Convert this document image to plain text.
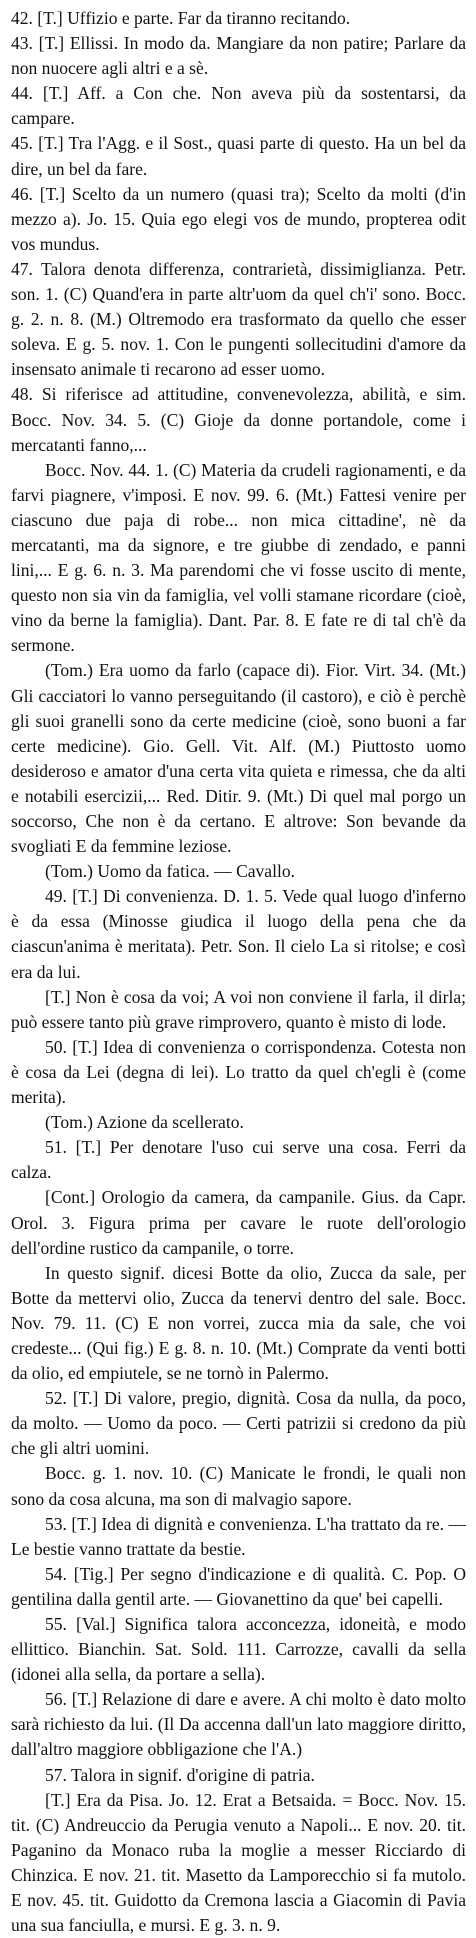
42. [T.] Uffizio e parte. Far da tiranno recitando.

43. [T.] Ellissi. In modo da. Mangiare da non patire; Parlare da non nuocere agli altri e a sè.

44. [T.] Aff. a Con che. Non aveva più da sostentarsi, da campare.

45. [T.] Tra l'Agg. e il Sost., quasi parte di questo. Ha un bel da dire, un bel da fare.

46. [T.] Scelto da un numero (quasi tra); Scelto da molti (d'in mezzo a). Jo. 15. Quia ego elegi vos de mundo, propterea odit vos mundus.

47. Talora denota differenza, contrarietà, dissimiglianza. Petr. son. 1. (C) Quand'era in parte altr'uom da quel ch'i' sono. Bocc. g. 2. n. 8. (M.) Oltremodo era trasformato da quello che esser soleva. E g. 5. nov. 1. Con le pungenti sollecitudini d'amore da insensato animale ti recarono ad esser uomo.

48. Si riferisce ad attitudine, convenevolezza, abilità, e sim. Bocc. Nov. 34. 5. (C) Gioje da donne portandole, come i mercatanti fanno,...

Bocc. Nov. 44. 1. (C) Materia da crudeli ragionamenti, e da farvi piagnere, v'imposi. E nov. 99. 6. (Mt.) Fattesi venire per ciascuno due paja di robe... non mica cittadine', nè da mercatanti, ma da signore, e tre giubbe di zendado, e panni lini,... E g. 6. n. 3. Ma parendomi che vi fosse uscito di mente, questo non sia vin da famiglia, vel volli stamane ricordare (cioè, vino da berne la famiglia). Dant. Par. 8. E fate re di tal ch'è da sermone.

(Tom.) Era uomo da farlo (capace di). Fior. Virt. 34. (Mt.) Gli cacciatori lo vanno perseguitando (il castoro), e ciò è perchè gli suoi granelli sono da certe medicine (cioè, sono buoni a far certe medicine). Gio. Gell. Vit. Alf. (M.) Piuttosto uomo desideroso e amator d'una certa vita quieta e rimessa, che da alti e notabili esercizii,... Red. Ditir. 9. (Mt.) Di quel mal porgo un soccorso, Che non è da certano. E altrove: Son bevande da svogliati E da femmine leziose.

(Tom.) Uomo da fatica. — Cavallo.

49. [T.] Di convenienza. D. 1. 5. Vede qual luogo d'inferno è da essa (Minosse giudica il luogo della pena che da ciascun'anima è meritata). Petr. Son. Il cielo La si ritolse; e così era da lui.

[T.] Non è cosa da voi; A voi non conviene il farla, il dirla; può essere tanto più grave rimprovero, quanto è misto di lode.

50. [T.] Idea di convenienza o corrispondenza. Cotesta non è cosa da Lei (degna di lei). Lo tratto da quel ch'egli è (come merita).

(Tom.) Azione da scellerato.

51. [T.] Per denotare l'uso cui serve una cosa. Ferri da calza.

[Cont.] Orologio da camera, da campanile. Gius. da Capr. Orol. 3. Figura prima per cavare le ruote dell'orologio dell'ordine rustico da campanile, o torre.

In questo signif. dicesi Botte da olio, Zucca da sale, per Botte da mettervi olio, Zucca da tenervi dentro del sale. Bocc. Nov. 79. 11. (C) E non vorrei, zucca mia da sale, che voi credeste... (Qui fig.) E g. 8. n. 10. (Mt.) Comprate da venti botti da olio, ed empiutele, se ne tornò in Palermo.

52. [T.] Di valore, pregio, dignità. Cosa da nulla, da poco, da molto. — Uomo da poco. — Certi patrizii si credono da più che gli altri uomini.

Bocc. g. 1. nov. 10. (C) Manicate le frondi, le quali non sono da cosa alcuna, ma son di malvagio sapore.

53. [T.] Idea di dignità e convenienza. L'ha trattato da re. — Le bestie vanno trattate da bestie.

54. [Tig.] Per segno d'indicazione e di qualità. C. Pop. O gentilina dalla gentil arte. — Giovanettino da que' bei capelli.

55. [Val.] Significa talora acconcezza, idoneità, e modo ellittico. Bianchin. Sat. Sold. 111. Carrozze, cavalli da sella (idonei alla sella, da portare a sella).

56. [T.] Relazione di dare e avere. A chi molto è dato molto sarà richiesto da lui. (Il Da accenna dall'un lato maggiore diritto, dall'altro maggiore obbligazione che l'A.)

57. Talora in signif. d'origine di patria.

[T.] Era da Pisa. Jo. 12. Erat a Betsaida. = Bocc. Nov. 15. tit. (C) Andreuccio da Perugia venuto a Napoli... E nov. 20. tit. Paganino da Monaco ruba la moglie a messer Ricciardo di Chinzica. E nov. 21. tit. Masetto da Lamporecchio si fa mutolo. E nov. 45. tit. Guidotto da Cremona lascia a Giacomin di Pavia una sua fanciulla, e mursi. E g. 3. n. 9.
